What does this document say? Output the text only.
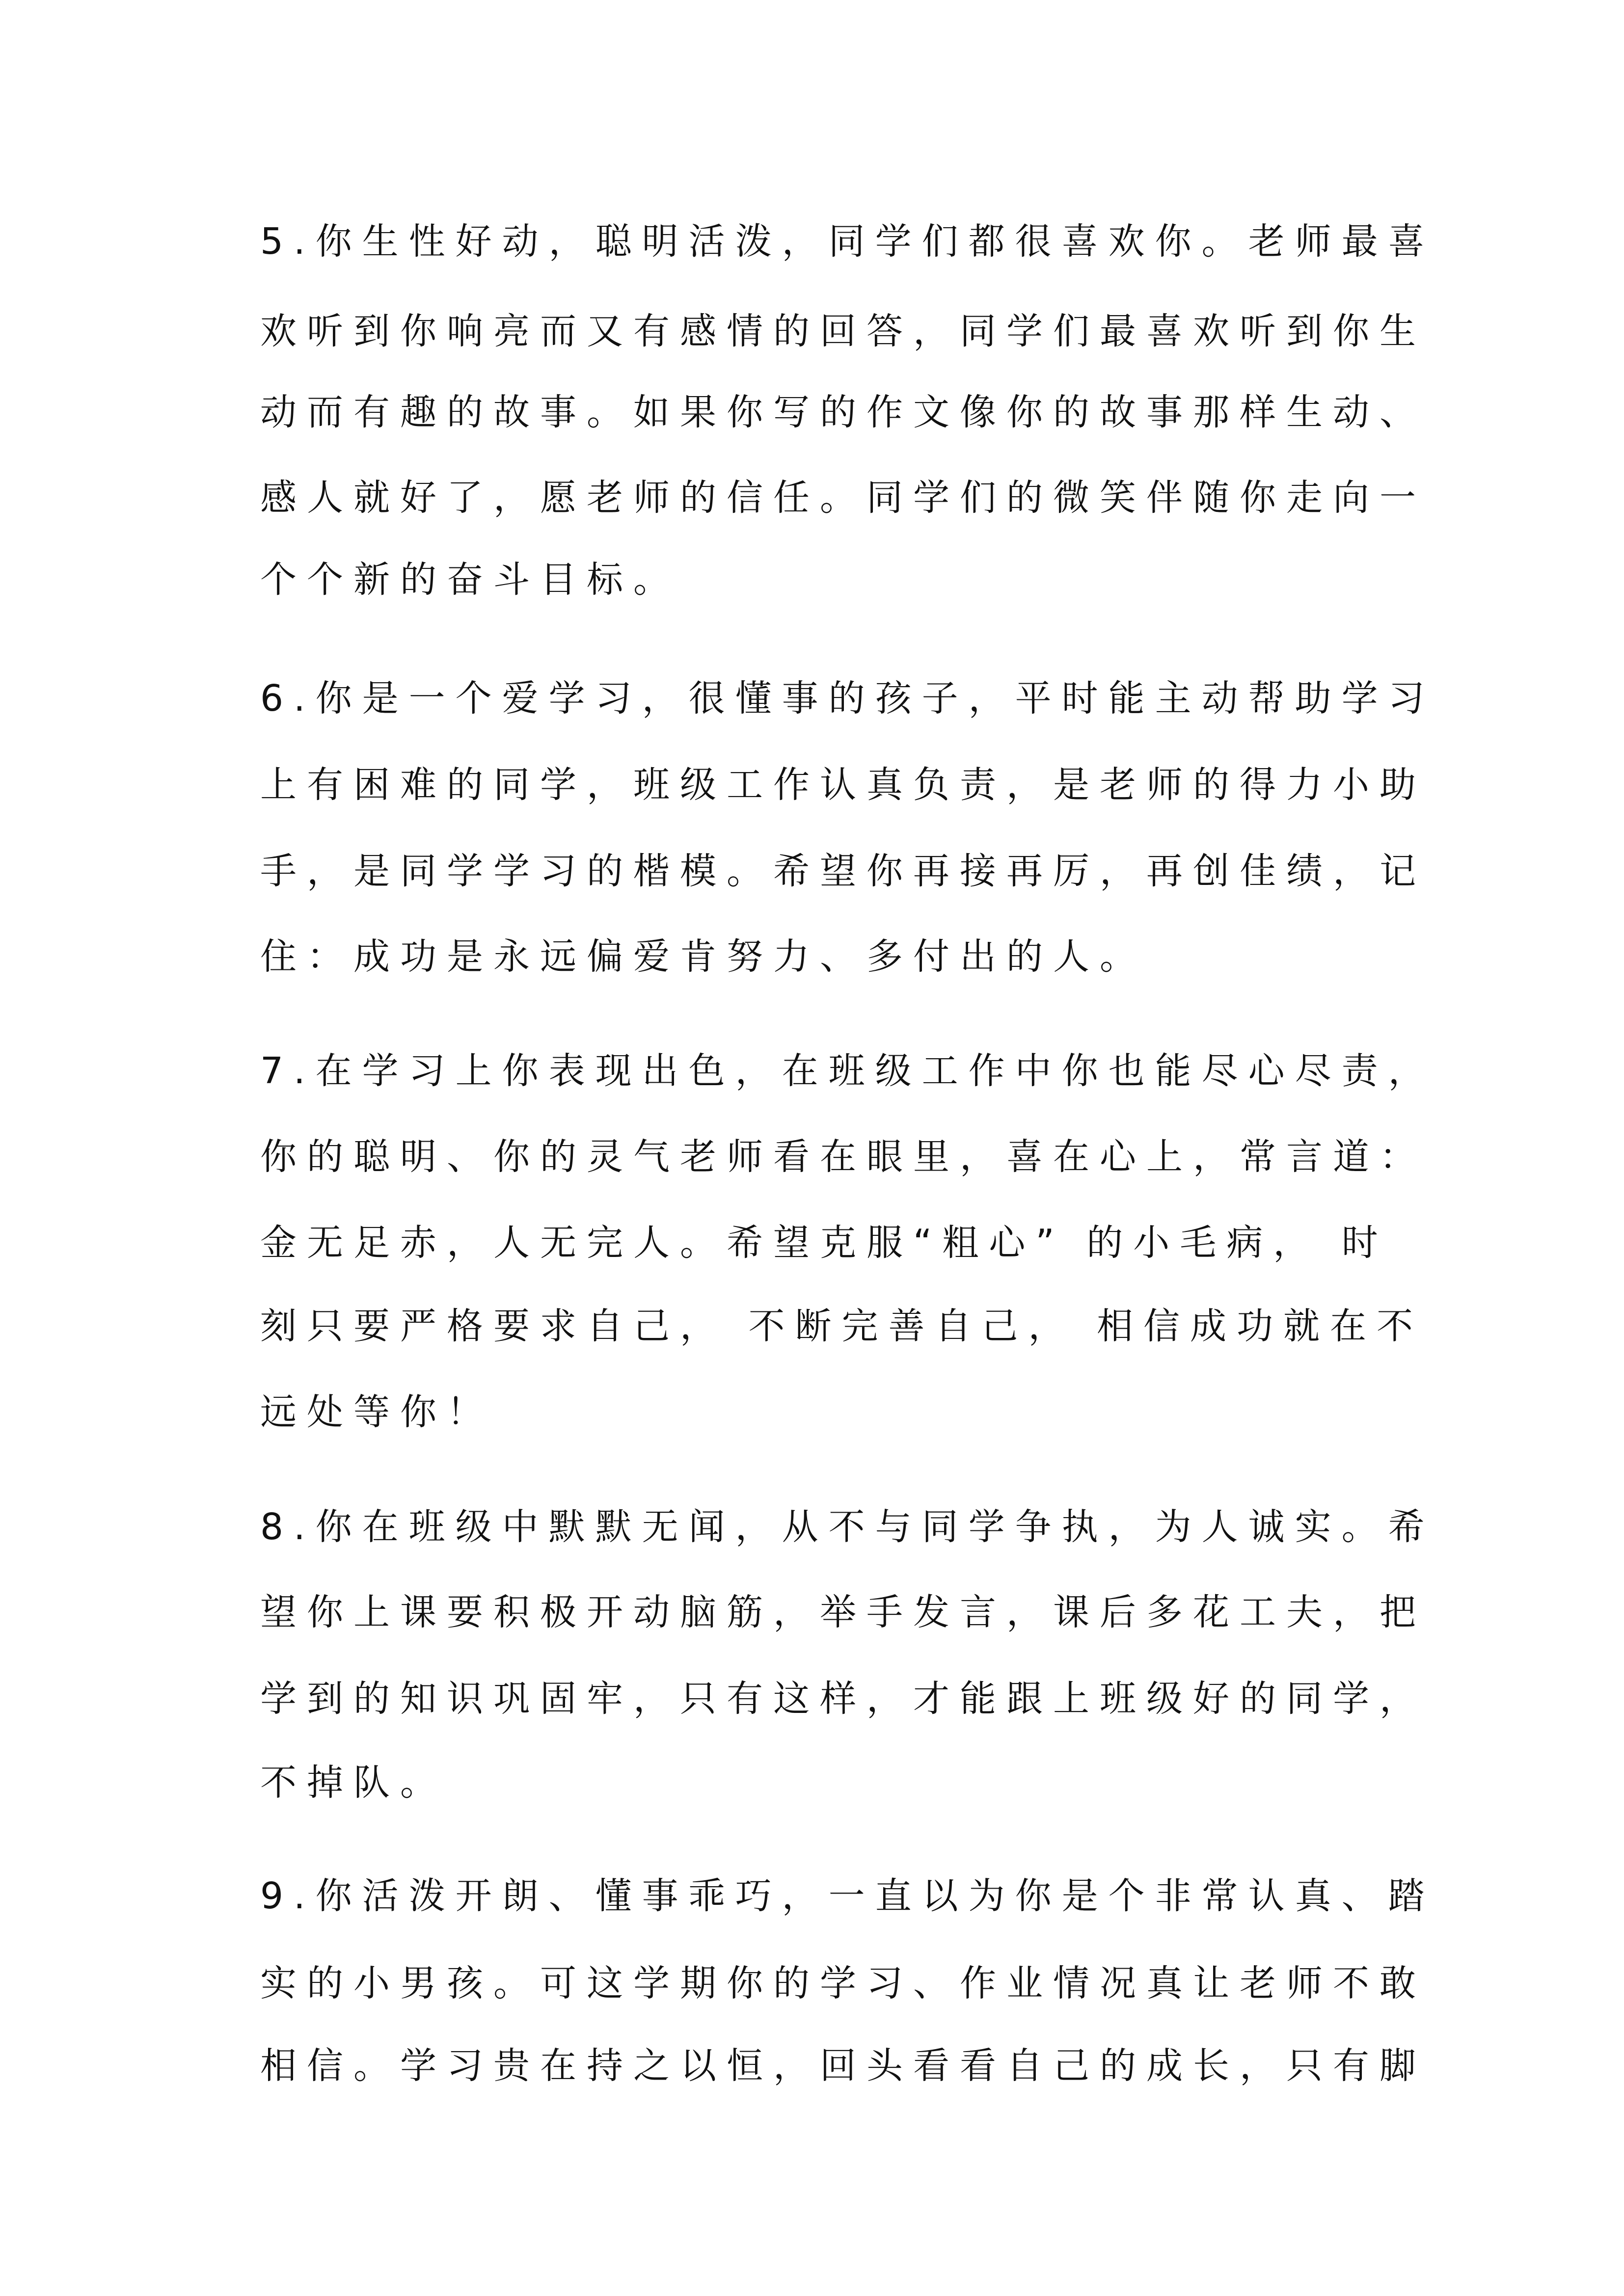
5.你生性好动，聪明活泼，同学们都很喜欢你。老师最喜

欢听到你响亮而又有感情的回答，同学们最喜欢听到你生

动而有趣的故事。如果你写的作文像你的故事那样生动、

感人就好了，愿老师的信任。同学们的微笑伴随你走向一

个个新的奋斗目标。

6.你是一个爱学习，很懂事的孩子，平时能主动帮助学习

上有困难的同学，班级工作认真负责，是老师的得力小助

手，是同学学习的楷模。希望你再接再厉，再创佳绩，记

住：成功是永远偏爱肯努力、多付出的人。

7.在学习上你表现出色，在班级工作中你也能尽心尽责，

你的聪明、你的灵气老师看在眼里，喜在心上，常言道：

金无足赤，人无完人。希望克服“粗心” 的小毛病， 时

刻只要严格要求自己， 不断完善自己， 相信成功就在不

远处等你！

8.你在班级中默默无闻，从不与同学争执，为人诚实。希

望你上课要积极开动脑筋，举手发言，课后多花工夫，把

学到的知识巩固牢，只有这样，才能跟上班级好的同学，

不掉队。

9.你活泼开朗、懂事乖巧，一直以为你是个非常认真、踏

实的小男孩。可这学期你的学习、作业情况真让老师不敢

相信。学习贵在持之以恒，回头看看自己的成长，只有脚
